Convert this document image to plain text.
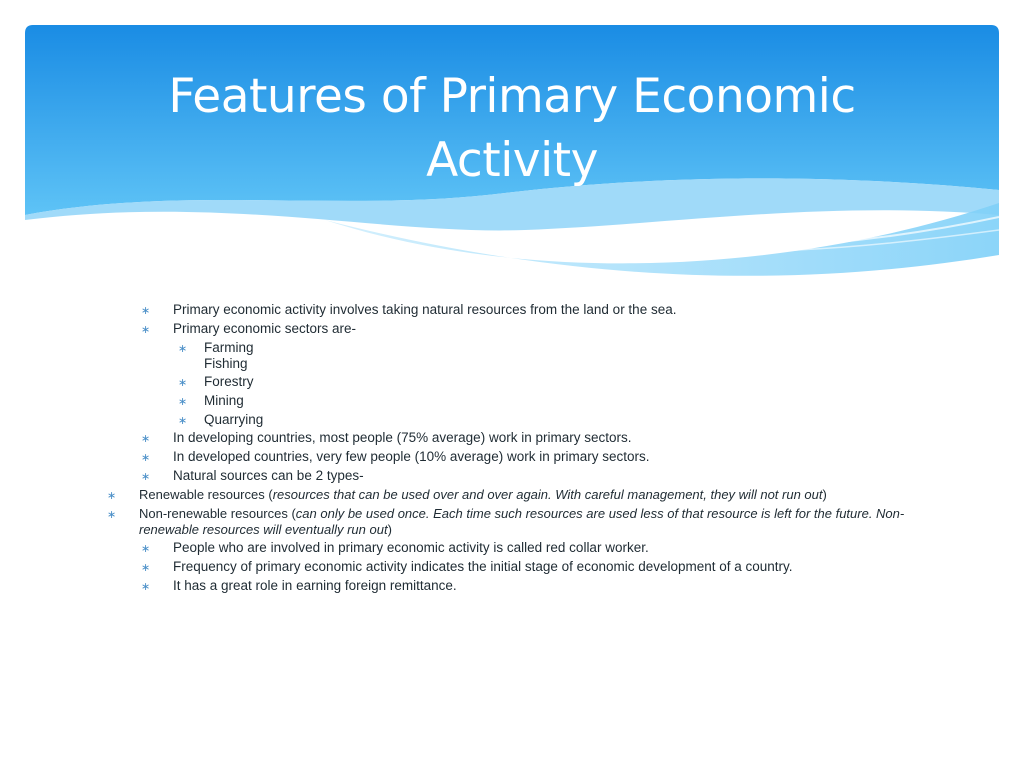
Features of Primary Economic
Activity
∗ Primary economic activity involves taking natural resources from the land or the sea.
∗ Primary economic sectors are-
∗ Farming
Fishing
∗ Forestry
∗ Mining
∗ Quarrying
∗ In developing countries, most people (75% average) work in primary sectors.
∗ In developed countries, very few people (10% average) work in primary sectors.
∗ Natural sources can be 2 types-
∗ Renewable resources (resources that can be used over and over again. With careful management, they will not run out)
∗ Non-renewable resources (can only be used once. Each time such resources are used less of that resource is left for the future. Non- renewable resources will eventually run out)
∗ People who are involved in primary economic activity is called red collar worker.
∗ Frequency of primary economic activity indicates the initial stage of economic development of a country.
∗ It has a great role in earning foreign remittance.
